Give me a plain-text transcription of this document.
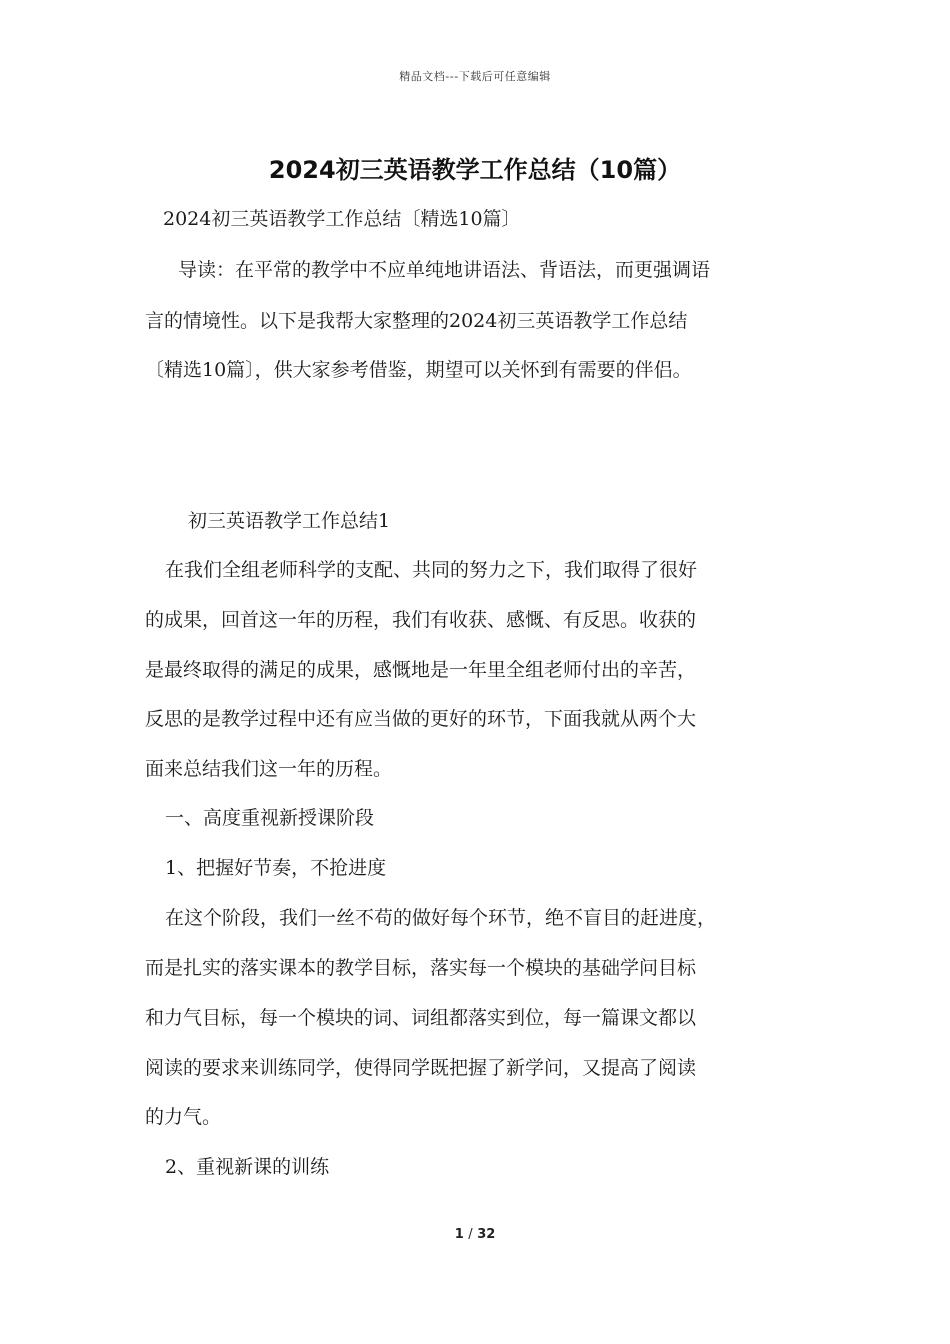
精品文档---下载后可任意编辑
2024初三英语教学工作总结（10篇）
2024初三英语教学工作总结〔精选10篇〕
导读：在平常的教学中不应单纯地讲语法、背语法，而更强调语
言的情境性。以下是我帮大家整理的2024初三英语教学工作总结
〔精选10篇〕，供大家参考借鉴，期望可以关怀到有需要的伴侣。
初三英语教学工作总结1
在我们全组老师科学的支配、共同的努力之下，我们取得了很好
的成果，回首这一年的历程，我们有收获、感慨、有反思。收获的
是最终取得的满足的成果，感慨地是一年里全组老师付出的辛苦，
反思的是教学过程中还有应当做的更好的环节，下面我就从两个大
面来总结我们这一年的历程。
一、高度重视新授课阶段
1、把握好节奏，不抢进度
在这个阶段，我们一丝不苟的做好每个环节，绝不盲目的赶进度，
而是扎实的落实课本的教学目标，落实每一个模块的基础学问目标
和力气目标，每一个模块的词、词组都落实到位，每一篇课文都以
阅读的要求来训练同学，使得同学既把握了新学问，又提高了阅读
的力气。
2、重视新课的训练
1 / 32
